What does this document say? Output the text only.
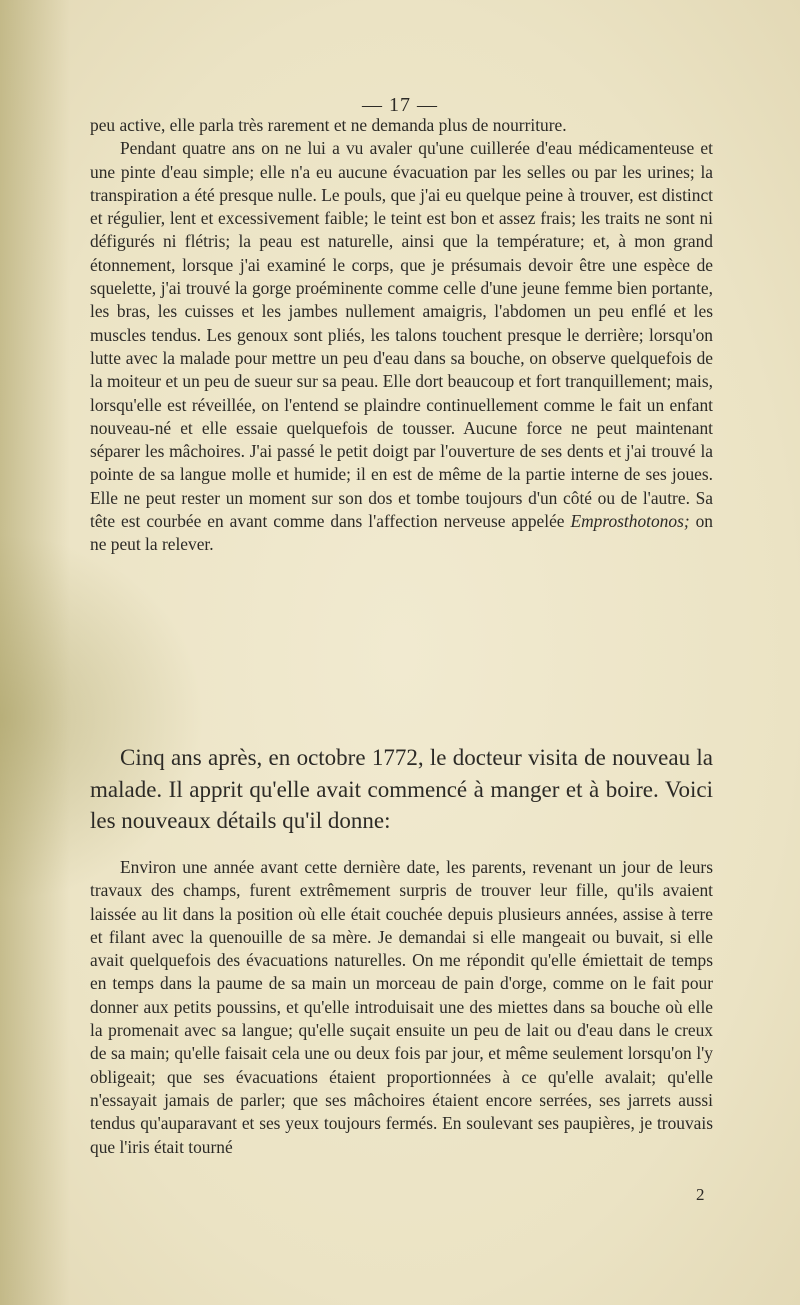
— 17 —

peu active, elle parla très rarement et ne demanda plus de nourriture.

Pendant quatre ans on ne lui a vu avaler qu'une cuillerée d'eau médicamenteuse et une pinte d'eau simple; elle n'a eu aucune évacuation par les selles ou par les urines; la transpiration a été presque nulle. Le pouls, que j'ai eu quelque peine à trouver, est distinct et régulier, lent et excessivement faible; le teint est bon et assez frais; les traits ne sont ni défigurés ni flétris; la peau est naturelle, ainsi que la température; et, à mon grand étonnement, lorsque j'ai examiné le corps, que je présumais devoir être une espèce de squelette, j'ai trouvé la gorge proéminente comme celle d'une jeune femme bien portante, les bras, les cuisses et les jambes nullement amaigris, l'abdomen un peu enflé et les muscles tendus. Les genoux sont pliés, les talons touchent presque le derrière; lorsqu'on lutte avec la malade pour mettre un peu d'eau dans sa bouche, on observe quelquefois de la moiteur et un peu de sueur sur sa peau. Elle dort beaucoup et fort tranquillement; mais, lorsqu'elle est réveillée, on l'entend se plaindre continuellement comme le fait un enfant nouveau-né et elle essaie quelquefois de tousser. Aucune force ne peut maintenant séparer les mâchoires. J'ai passé le petit doigt par l'ouverture de ses dents et j'ai trouvé la pointe de sa langue molle et humide; il en est de même de la partie interne de ses joues. Elle ne peut rester un moment sur son dos et tombe toujours d'un côté ou de l'autre. Sa tête est courbée en avant comme dans l'affection nerveuse appelée Emprosthotonos; on ne peut la relever.

Cinq ans après, en octobre 1772, le docteur visita de nouveau la malade. Il apprit qu'elle avait commencé à manger et à boire. Voici les nouveaux détails qu'il donne:

Environ une année avant cette dernière date, les parents, revenant un jour de leurs travaux des champs, furent extrêmement surpris de trouver leur fille, qu'ils avaient laissée au lit dans la position où elle était couchée depuis plusieurs années, assise à terre et filant avec la quenouille de sa mère. Je demandai si elle mangeait ou buvait, si elle avait quelquefois des évacuations naturelles. On me répondit qu'elle émiettait de temps en temps dans la paume de sa main un morceau de pain d'orge, comme on le fait pour donner aux petits poussins, et qu'elle introduisait une des miettes dans sa bouche où elle la promenait avec sa langue; qu'elle suçait ensuite un peu de lait ou d'eau dans le creux de sa main; qu'elle faisait cela une ou deux fois par jour, et même seulement lorsqu'on l'y obligeait; que ses évacuations étaient proportionnées à ce qu'elle avalait; qu'elle n'essayait jamais de parler; que ses mâchoires étaient encore serrées, ses jarrets aussi tendus qu'auparavant et ses yeux toujours fermés. En soulevant ses paupières, je trouvais que l'iris était tourné

2
